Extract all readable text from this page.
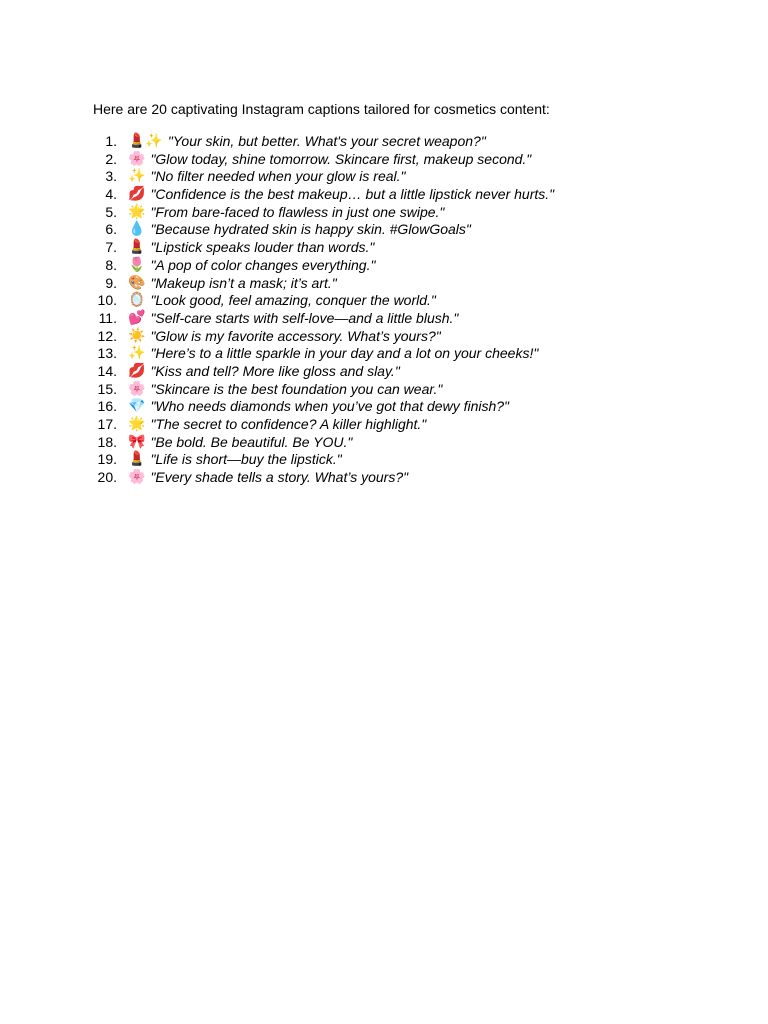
Here are 20 captivating Instagram captions tailored for cosmetics content:
1. 💄✨ "Your skin, but better. What's your secret weapon?"
2. 🌸 "Glow today, shine tomorrow. Skincare first, makeup second."
3. ✨ "No filter needed when your glow is real."
4. 💋 "Confidence is the best makeup… but a little lipstick never hurts."
5. 🌟 "From bare-faced to flawless in just one swipe."
6. 💧 "Because hydrated skin is happy skin. #GlowGoals"
7. 💄 "Lipstick speaks louder than words."
8. 🌷 "A pop of color changes everything."
9. 🎨 "Makeup isn’t a mask; it’s art."
10. 🪞 "Look good, feel amazing, conquer the world."
11. 💕 "Self-care starts with self-love—and a little blush."
12. ☀️ "Glow is my favorite accessory. What’s yours?"
13. ✨ "Here’s to a little sparkle in your day and a lot on your cheeks!"
14. 💋 "Kiss and tell? More like gloss and slay."
15. 🌸 "Skincare is the best foundation you can wear."
16. 💎 "Who needs diamonds when you’ve got that dewy finish?"
17. 🌟 "The secret to confidence? A killer highlight."
18. 🎀 "Be bold. Be beautiful. Be YOU."
19. 💄 "Life is short—buy the lipstick."
20. 🌸 "Every shade tells a story. What’s yours?"
